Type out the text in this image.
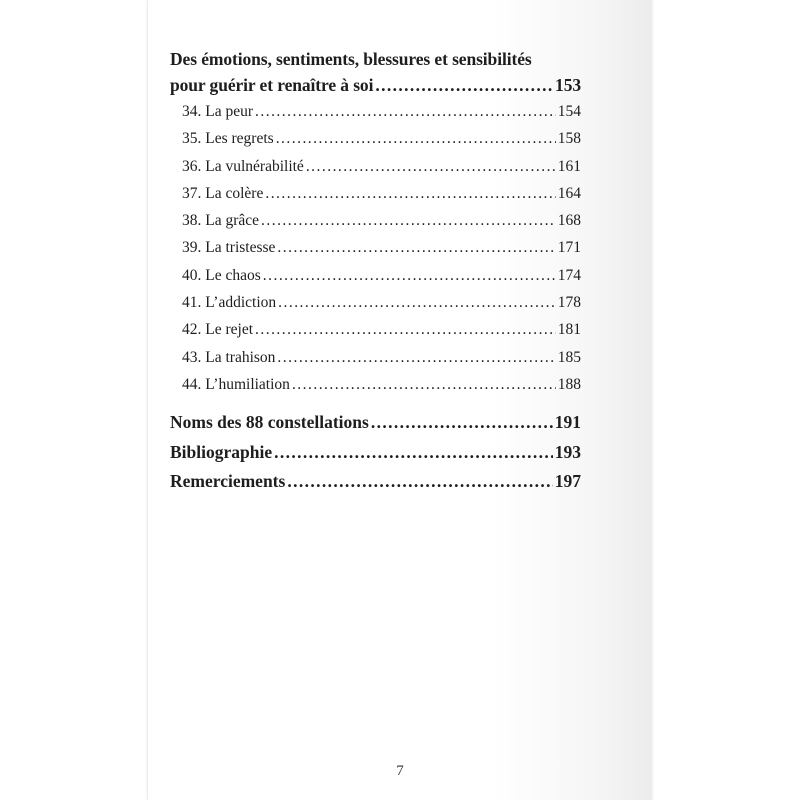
Des émotions, sentiments, blessures et sensibilités
pour guérir et renaître à soi . . .	153
34. La peur . . .	154
35. Les regrets . . .	158
36. La vulnérabilité . . .	161
37. La colère . . .	164
38. La grâce . . .	168
39. La tristesse . . .	171
40. Le chaos . . .	174
41. L’addiction . . .	178
42. Le rejet . . .	181
43. La trahison . . .	185
44. L’humiliation . . .	188
Noms des 88 constellations . . .	191
Bibliographie . . .	193
Remerciements . . .	197
7
